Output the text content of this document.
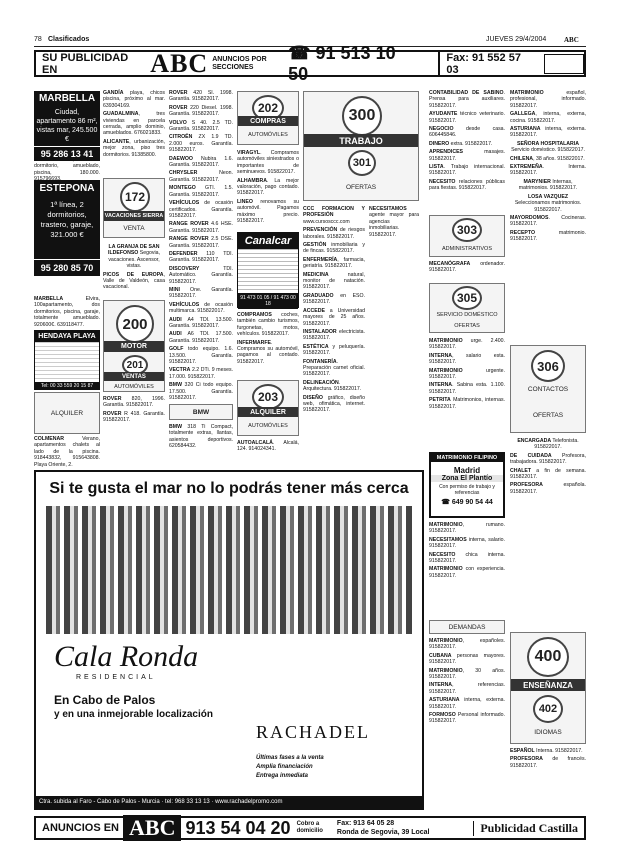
78 Clasificados	JUEVES 29/4/2004	ABC
SU PUBLICIDAD EN	ABC ANUNCIOS POR SECCIONES
☎ 91 513 10 50
Fax: 91 552 57 03
MARBELLA
Ciudad, apartamento 86 m², vistas mar, 245.500 €
95 286 13 41

GUADARRAMA, un dormitorio, amueblado, piscina, 180.000.

ESTEPONA
1ª línea, 2 dormitorios, trastero, garaje, 321.000 €
95 280 85 70

MARBELLA Elvira, 100apartamento, dos dormitorios, piscina, garaje, totalmente amueblado. 920600€. 639118477.

HENDAYA PLAYA
Tel: 00 33 559 20 15 87
ALQUILER

COLMENAR Verano, apartamentos chalets al lado de la piscina. 918443832, 915643808. Playa Oriente, 2.

GANDÍA playa, chicos piscina, próximo al mar. 639304169.

GUADALMINA, tres viviendas en parcela cerrada, amplio dominio, amueblados. 676021833.

ALICANTE, urbanización, mejor zona, piso tres dormitorios. 91385800.

172
VACACIONES SIERRA
VENTA

LA GRANJA DE SAN ILDEFONSO Segovia, vacaciones. Ascensor, vistas.

PICOS DE EUROPA, Valle de Valdeón, casa vacacional.

200
MOTOR
201
VENTAS
AUTOMÓVILES

ROVER 820, 1996. Garantía. 915822017.

ROVER R 418. Garantía. 915822017.

ROVER 420 SI. 1998. Garantía. 915822017.

ROVER 220 Diesel. 1998. Garantía. 915822017.

VOLVO S 40. 2.5 TD. Garantía. 915822017.

CITROËN ZX 1.9 TD. 2.000 euros. Garantía. 915822017.

DAEWOO Nubira 1.6. Garantía. 915822017.

CHRYSLER Neon. Garantía. 915822017.

MONTEGO GTI. 1.5. Garantía. 915822017.

VEHÍCULOS de ocasión certificados. Garantía. 915822017.

RANGE ROVER 4.6 HSE. Garantía. 915822017.

RANGE ROVER 2.5 DSE. Garantía. 915822017.

DEFENDER 110 TDI. Garantía. 915822017.

DISCOVERY TDI. Automático. Garantía. 915822017.

MINI One. Garantía. 915822017.

VEHÍCULOS de ocasión multimarca. 915822017.

AUDI A4 TDI. 13.500. Garantía. 915822017.

AUDI A6 TDI. 17.500. Garantía. 915822017.

GOLF todo equipo. 1.6. 13.500. Garantía. 915822017.

VECTRA 2.2 DTi. 9 meses. 17.000. 915822017.

BMW 320 Ci todo equipo. 17.500. Garantía. 915822017.

BMW

BMW 318 Ti Compact, totalmente extras, llantas, asientos deportivos. 620584432.

202
COMPRAS
AUTOMÓVILES

VIRAGYL. Compramos automóviles siniestrados o importantes de seminuevos. 915822017.

ALHAMBRA. La mejor valoración, pago contado. 915822017.

LINEO renovamos su automóvil. Pagamos máximo precio. 915822017.

Canalcar
91 473 01 05 / 91 473 00 18

COMPRAMOS coches, también cambio turismos, furgonetas, motos, vehículos. 915822017.

INFERMARFE. Compramos su automóvil, pagamos al contado. 915822017.

203
ALQUILER
AUTOMÓVILES

AUTOALCALÁ. Alcalá, 124. 914024341.

300
TRABAJO
301
OFERTAS

CCC FORMACIÓN Y PROFESIÓN www.cursosccc.com

PREVENCIÓN de riesgos laborales. 915822017.

GESTIÓN inmobiliaria y de fincas. 915822017.

ENFERMERÍA, farmacia, geriatría. 915822017.

MEDICINA natural, monitor de natación. 915822017.

GRADUADO en ESO. 915822017.

ACCEDE a Universidad mayores de 25 años. 915822017.

INSTALADOR electricista. 915822017.

ESTÉTICA y peluquería. 915822017.

FONTANERÍA. Preparación carnet oficial. 915822017.

DELINEACIÓN. Arquitectura. 915822017.

DISEÑO gráfico, diseño web, ofimática, internet. 915822017.

NECESITAMOS agente mayor para agencias inmobiliarias. 915822017.

CONTABILIDAD DE SABINO. Prensa para auxiliares. 915822017.

AYUDANTE técnico veterinario. 915822017.

NEGOCIO desde casa. 606445846.

DINERO extra. 915822017.

APRENDICES masajes. 915822017.

LISTA. Trabajo internacional. 915822017.

NECESITO relaciones públicas para fiestas. 915822017.

303
ADMINISTRATIVOS

MECANÓGRAFA ordenador. 915822017.

305
SERVICIO DOMÉSTICO
OFERTAS

MATRIMONIO urge. 2.400. 915822017.

INTERNA, salario esta. 915822017.

MATRIMONIO urgente. 915822017.

INTERNA. Sabina esta. 1.100. 915822017.

PETRITA Matrimonios, internas. 915822017.

MATRIMONIO FILIPINO
Madrid
Zona El Plantío
Con permiso de trabajo y referencias
☎ 649 90 54 44

MATRIMONIO, rumano. 915822017.

NECESITAMOS interna, salario. 915822017.

NECESITO chica interna. 915822017.

MATRIMONIO con experiencia. 915822017.

DEMANDAS

MATRIMONIO, españoles. 915822017.

CUBANA personas mayores. 915822017.

MATRIMONIO, 30 años. 915822017.

INTERNA, referencias. 915822017.

ASTURIANA interna, externa. 915822017.

FORMOSO Personal informado. 915822017.

MATRIMONIO español, profesional, informado. 915822017.

GALLEGA, interna, externa, cocina. 915822017.

ASTURIANA interna, externa. 915822017.

SEÑORA HOSPITALARIA Servicio doméstico. 915822017.

CHILENA, 38 años. 915822017.

EXTREMEÑA. Interna. 915822017.

MARYNIER Internas, matrimonios. 915822017.

LOSA VAZQUEZ Seleccionamos matrimonios. 915822017.

MAYORDOMOS. Cocineras. 915822017.

RECEPTO matrimonio. 915822017.

306
CONTACTOS
OFERTAS

ENCARGADA Telefonista. 915822017.

DE CUIDADA Profesora, trabajadora. 915822017.

CHALET a fin de semana. 915822017.

PROFESORA española. 915822017.

400
ENSEÑANZA
402
IDIOMAS

ESPAÑOL Interna. 915822017.

PROFESORA de francés. 915822017.

Si te gusta el mar no lo podrás tener más cerca
Cala Ronda
RESIDENCIAL
En Cabo de Palos
y en una inmejorable localización
RACHADEL
Últimas fases a la venta
Amplia financiación
Entrega inmediata
Ctra. subida al Faro - Cabo de Palos - Murcia · tel: 968 33 13 13 · www.rachadelpromo.com
ANUNCIOS EN ABC 913 54 04 20 Cobro a
domicilio
Fax: 913 64 05 28
Ronda de Segovia, 39 Local	Publicidad Castilla
